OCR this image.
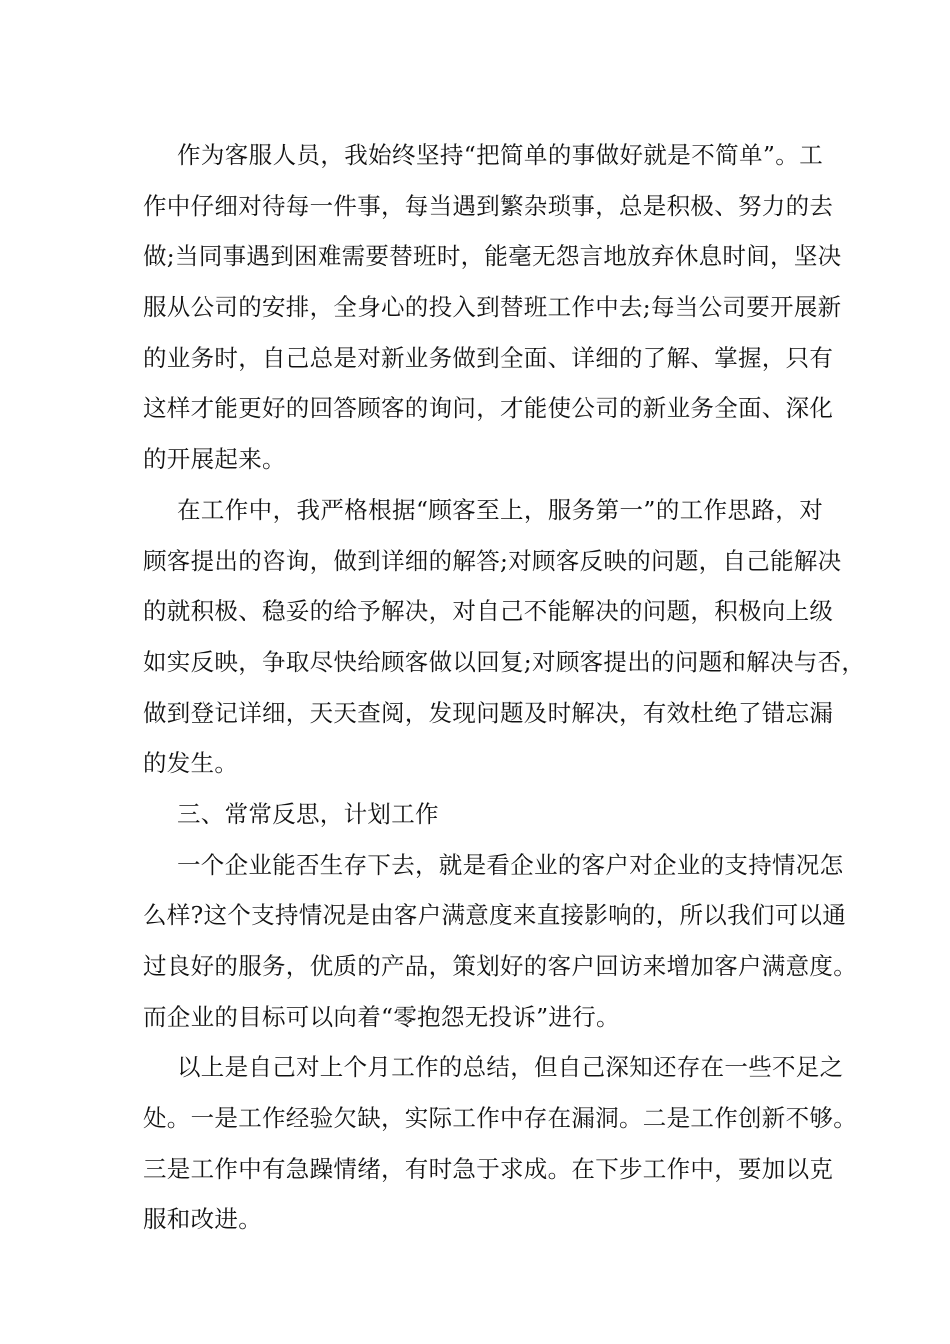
作为客服人员，我始终坚持“把简单的事做好就是不简单”。工
作中仔细对待每一件事，每当遇到繁杂琐事，总是积极、努力的去
做;当同事遇到困难需要替班时，能毫无怨言地放弃休息时间，坚决
服从公司的安排，全身心的投入到替班工作中去;每当公司要开展新
的业务时，自己总是对新业务做到全面、详细的了解、掌握，只有
这样才能更好的回答顾客的询问，才能使公司的新业务全面、深化
的开展起来。
在工作中，我严格根据“顾客至上，服务第一”的工作思路，对
顾客提出的咨询，做到详细的解答;对顾客反映的问题，自己能解决
的就积极、稳妥的给予解决，对自己不能解决的问题，积极向上级
如实反映，争取尽快给顾客做以回复;对顾客提出的问题和解决与否，
做到登记详细，天天查阅，发现问题及时解决，有效杜绝了错忘漏
的发生。
三、常常反思，计划工作
一个企业能否生存下去，就是看企业的客户对企业的支持情况怎
么样?这个支持情况是由客户满意度来直接影响的，所以我们可以通
过良好的服务，优质的产品，策划好的客户回访来增加客户满意度。
而企业的目标可以向着“零抱怨无投诉”进行。
以上是自己对上个月工作的总结，但自己深知还存在一些不足之
处。一是工作经验欠缺，实际工作中存在漏洞。二是工作创新不够。
三是工作中有急躁情绪，有时急于求成。在下步工作中，要加以克
服和改进。
